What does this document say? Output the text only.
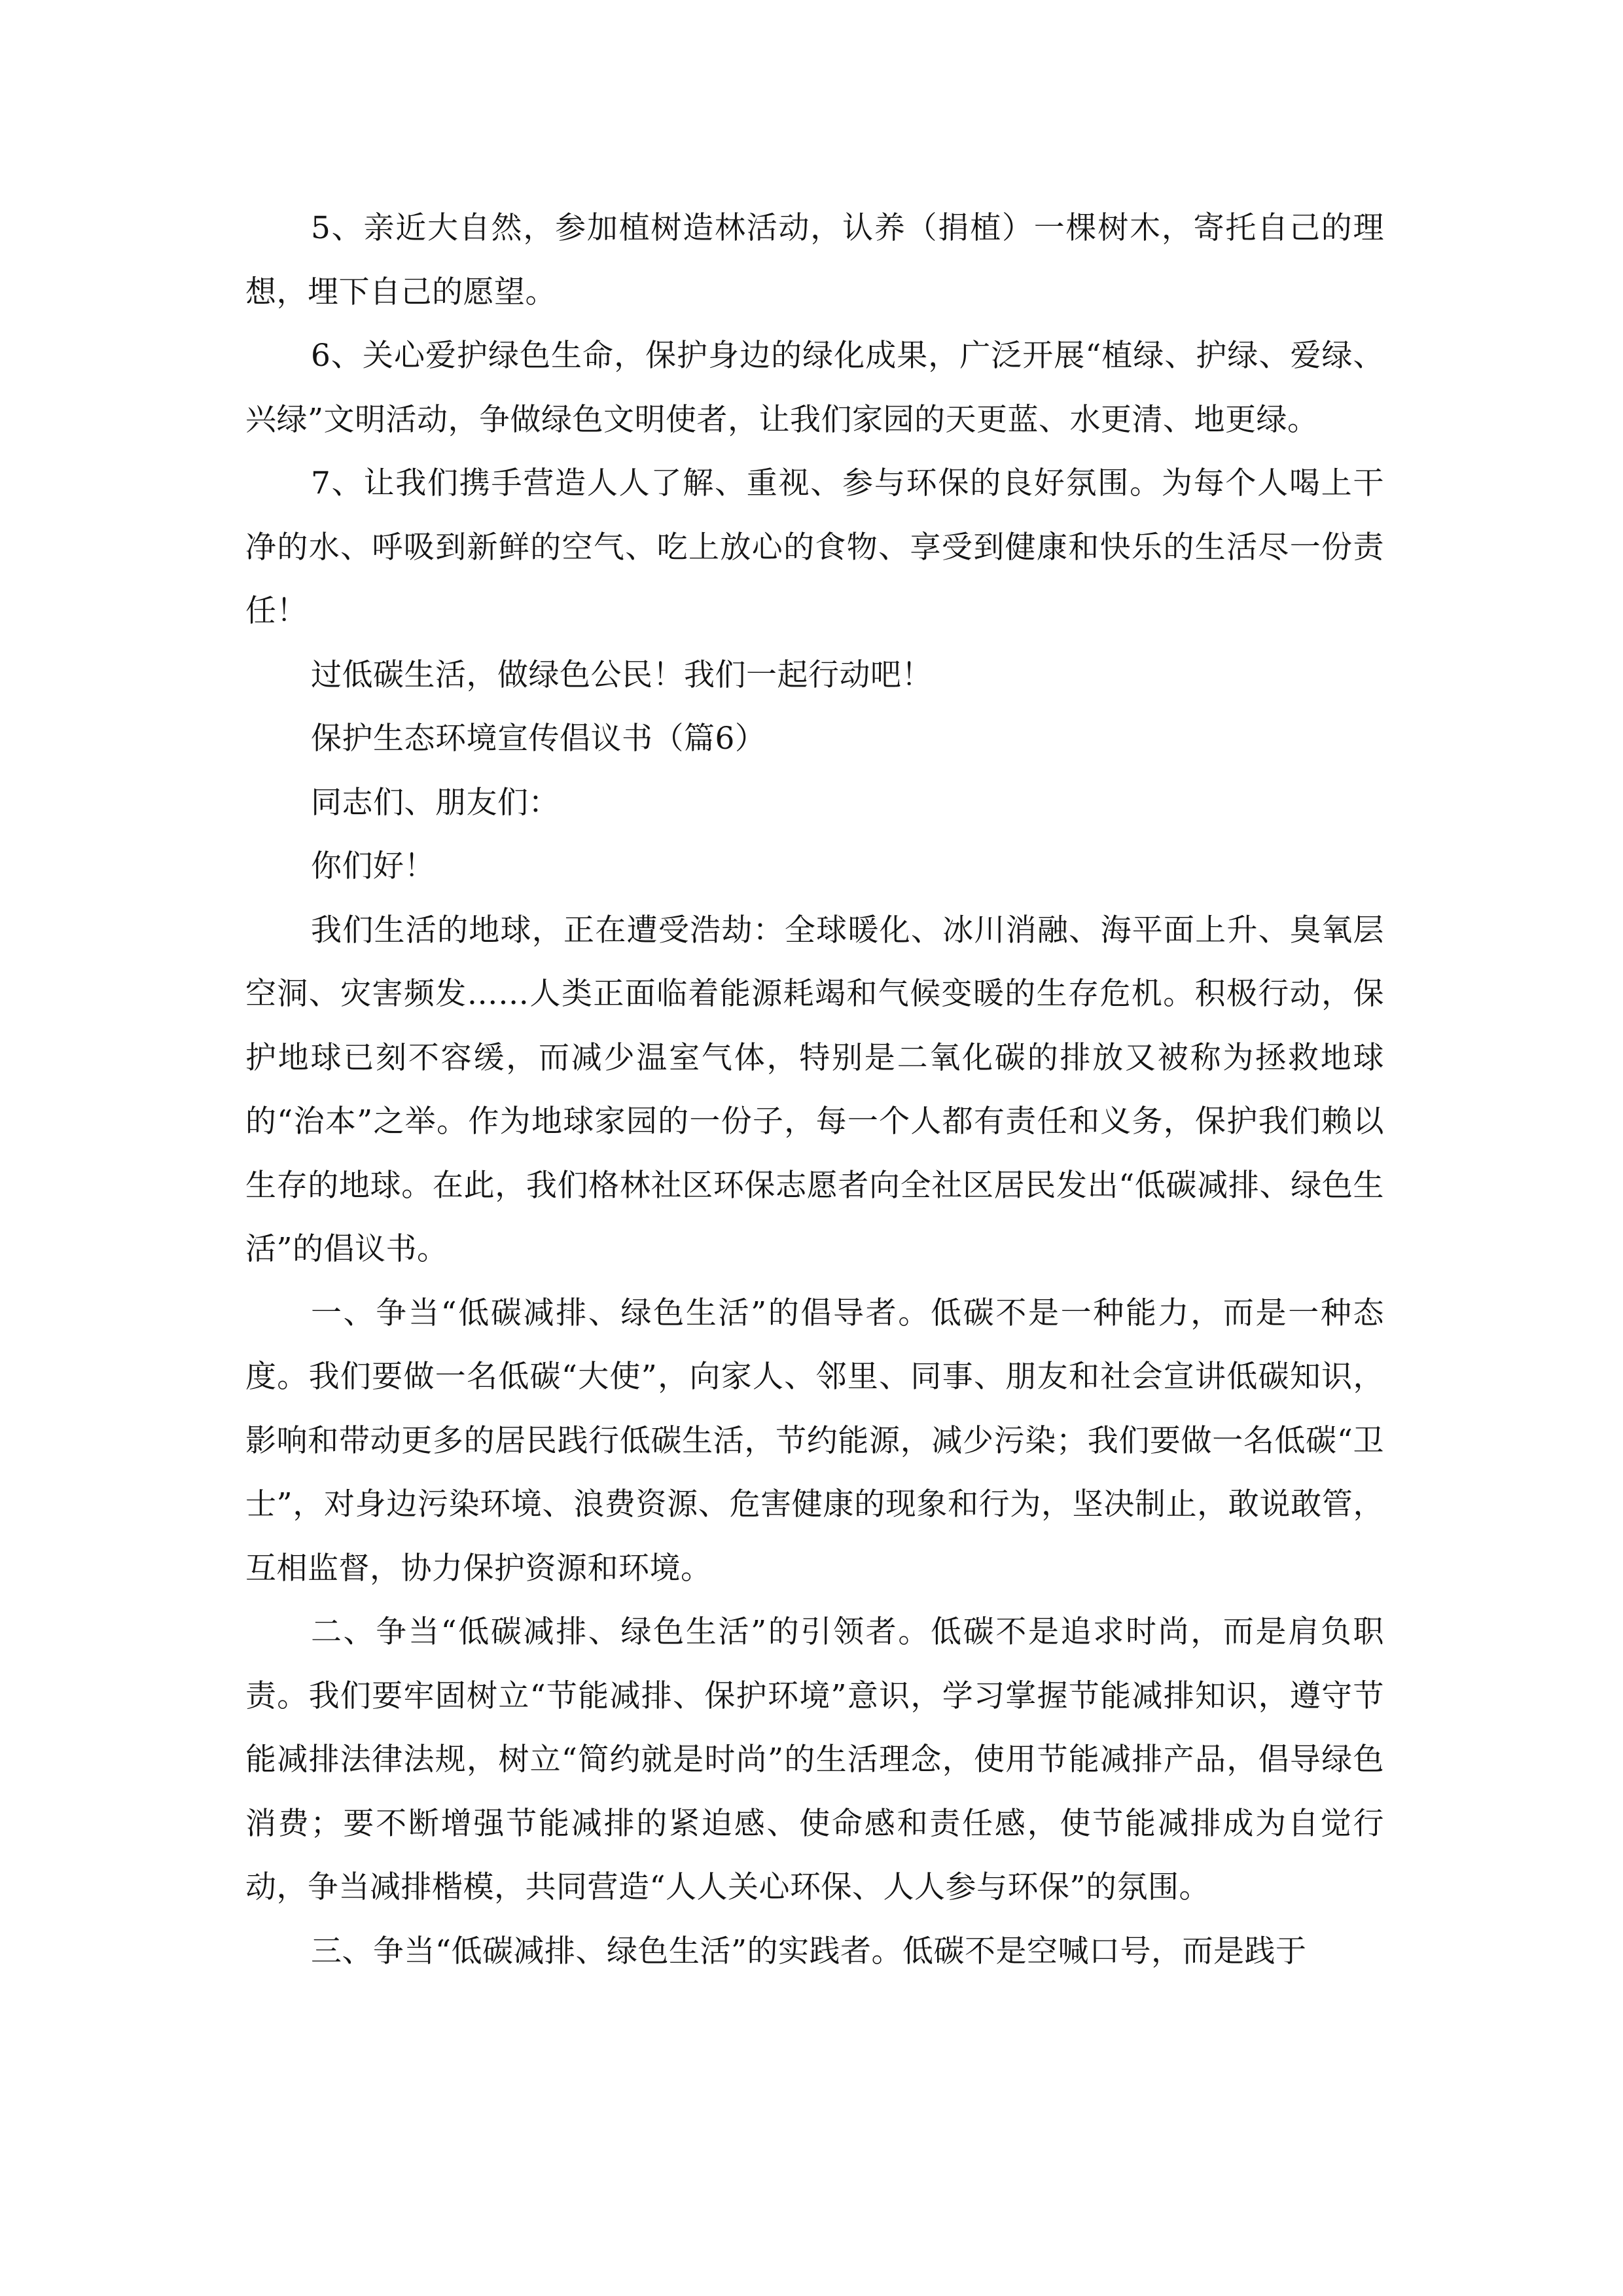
5、亲近大自然，参加植树造林活动，认养（捐植）一棵树木，寄托自己的理想，埋下自己的愿望。

6、关心爱护绿色生命，保护身边的绿化成果，广泛开展“植绿、护绿、爱绿、兴绿”文明活动，争做绿色文明使者，让我们家园的天更蓝、水更清、地更绿。

7、让我们携手营造人人了解、重视、参与环保的良好氛围。为每个人喝上干净的水、呼吸到新鲜的空气、吃上放心的食物、享受到健康和快乐的生活尽一份责任！

过低碳生活，做绿色公民！我们一起行动吧！

保护生态环境宣传倡议书（篇6）

同志们、朋友们：

你们好！

我们生活的地球，正在遭受浩劫：全球暖化、冰川消融、海平面上升、臭氧层空洞、灾害频发……人类正面临着能源耗竭和气候变暖的生存危机。积极行动，保护地球已刻不容缓，而减少温室气体，特别是二氧化碳的排放又被称为拯救地球的“治本”之举。作为地球家园的一份子，每一个人都有责任和义务，保护我们赖以生存的地球。在此，我们格林社区环保志愿者向全社区居民发出“低碳减排、绿色生活”的倡议书。

一、争当“低碳减排、绿色生活”的倡导者。低碳不是一种能力，而是一种态度。我们要做一名低碳“大使”，向家人、邻里、同事、朋友和社会宣讲低碳知识，影响和带动更多的居民践行低碳生活，节约能源，减少污染；我们要做一名低碳“卫士”，对身边污染环境、浪费资源、危害健康的现象和行为，坚决制止，敢说敢管，互相监督，协力保护资源和环境。

二、争当“低碳减排、绿色生活”的引领者。低碳不是追求时尚，而是肩负职责。我们要牢固树立“节能减排、保护环境”意识，学习掌握节能减排知识，遵守节能减排法律法规，树立“简约就是时尚”的生活理念，使用节能减排产品，倡导绿色消费；要不断增强节能减排的紧迫感、使命感和责任感，使节能减排成为自觉行动，争当减排楷模，共同营造“人人关心环保、人人参与环保”的氛围。

三、争当“低碳减排、绿色生活”的实践者。低碳不是空喊口号，而是践于
